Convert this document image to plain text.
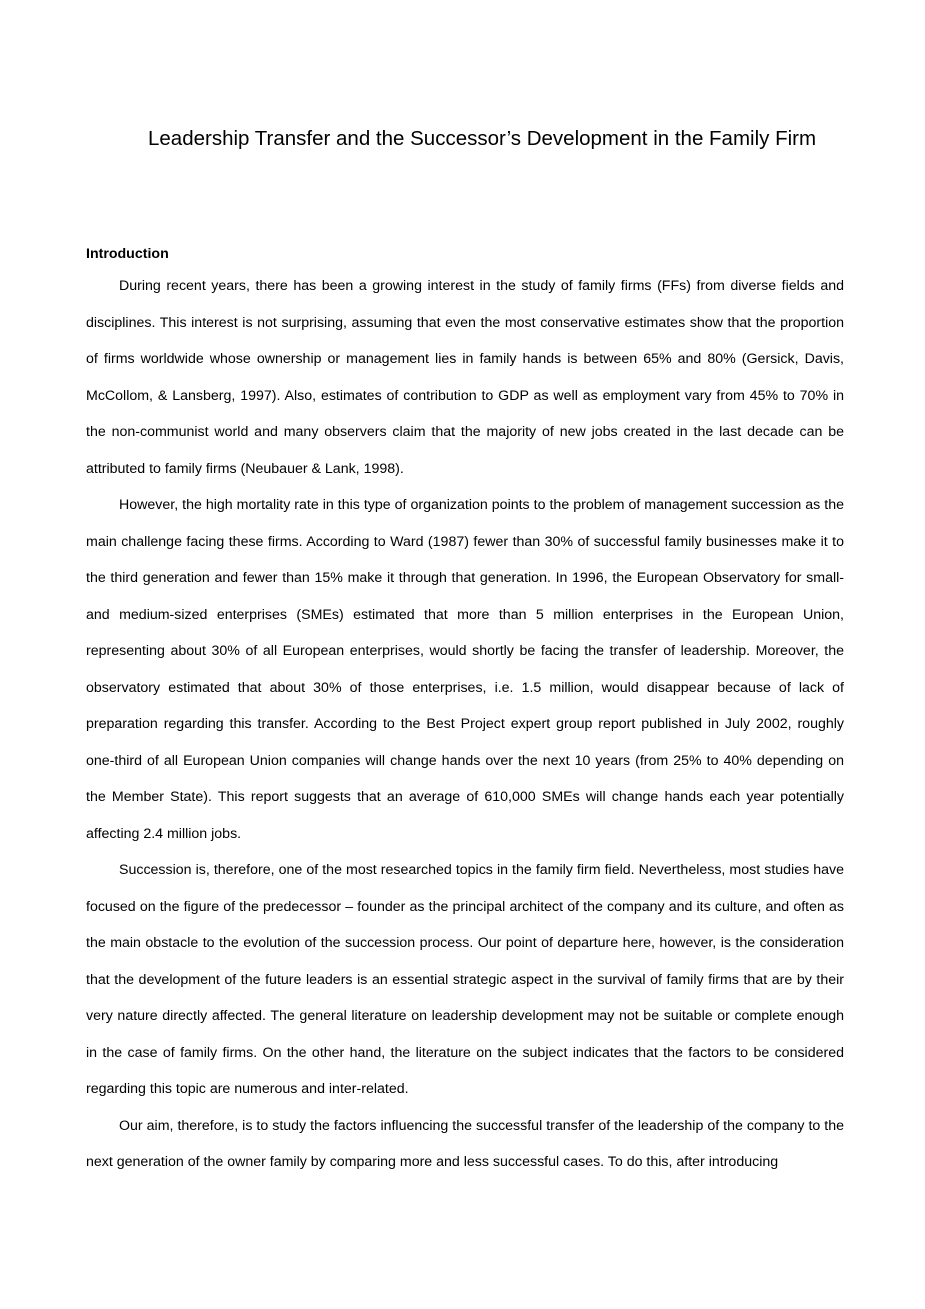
Leadership Transfer and the Successor’s Development in the Family Firm
Introduction

During recent years, there has been a growing interest in the study of family firms (FFs) from diverse fields and disciplines. This interest is not surprising, assuming that even the most conservative estimates show that the proportion of firms worldwide whose ownership or management lies in family hands is between 65% and 80% (Gersick, Davis, McCollom, & Lansberg, 1997). Also, estimates of contribution to GDP as well as employment vary from 45% to 70% in the non-communist world and many observers claim that the majority of new jobs created in the last decade can be attributed to family firms (Neubauer & Lank, 1998).

However, the high mortality rate in this type of organization points to the problem of management succession as the main challenge facing these firms. According to Ward (1987) fewer than 30% of successful family businesses make it to the third generation and fewer than 15% make it through that generation. In 1996, the European Observatory for small- and medium-sized enterprises (SMEs) estimated that more than 5 million enterprises in the European Union, representing about 30% of all European enterprises, would shortly be facing the transfer of leadership. Moreover, the observatory estimated that about 30% of those enterprises, i.e. 1.5 million, would disappear because of lack of preparation regarding this transfer. According to the Best Project expert group report published in July 2002, roughly one-third of all European Union companies will change hands over the next 10 years (from 25% to 40% depending on the Member State). This report suggests that an average of 610,000 SMEs will change hands each year potentially affecting 2.4 million jobs.

Succession is, therefore, one of the most researched topics in the family firm field. Nevertheless, most studies have focused on the figure of the predecessor – founder as the principal architect of the company and its culture, and often as the main obstacle to the evolution of the succession process. Our point of departure here, however, is the consideration that the development of the future leaders is an essential strategic aspect in the survival of family firms that are by their very nature directly affected. The general literature on leadership development may not be suitable or complete enough in the case of family firms. On the other hand, the literature on the subject indicates that the factors to be considered regarding this topic are numerous and inter-related.

Our aim, therefore, is to study the factors influencing the successful transfer of the leadership of the company to the next generation of the owner family by comparing more and less successful cases. To do this, after introducing
